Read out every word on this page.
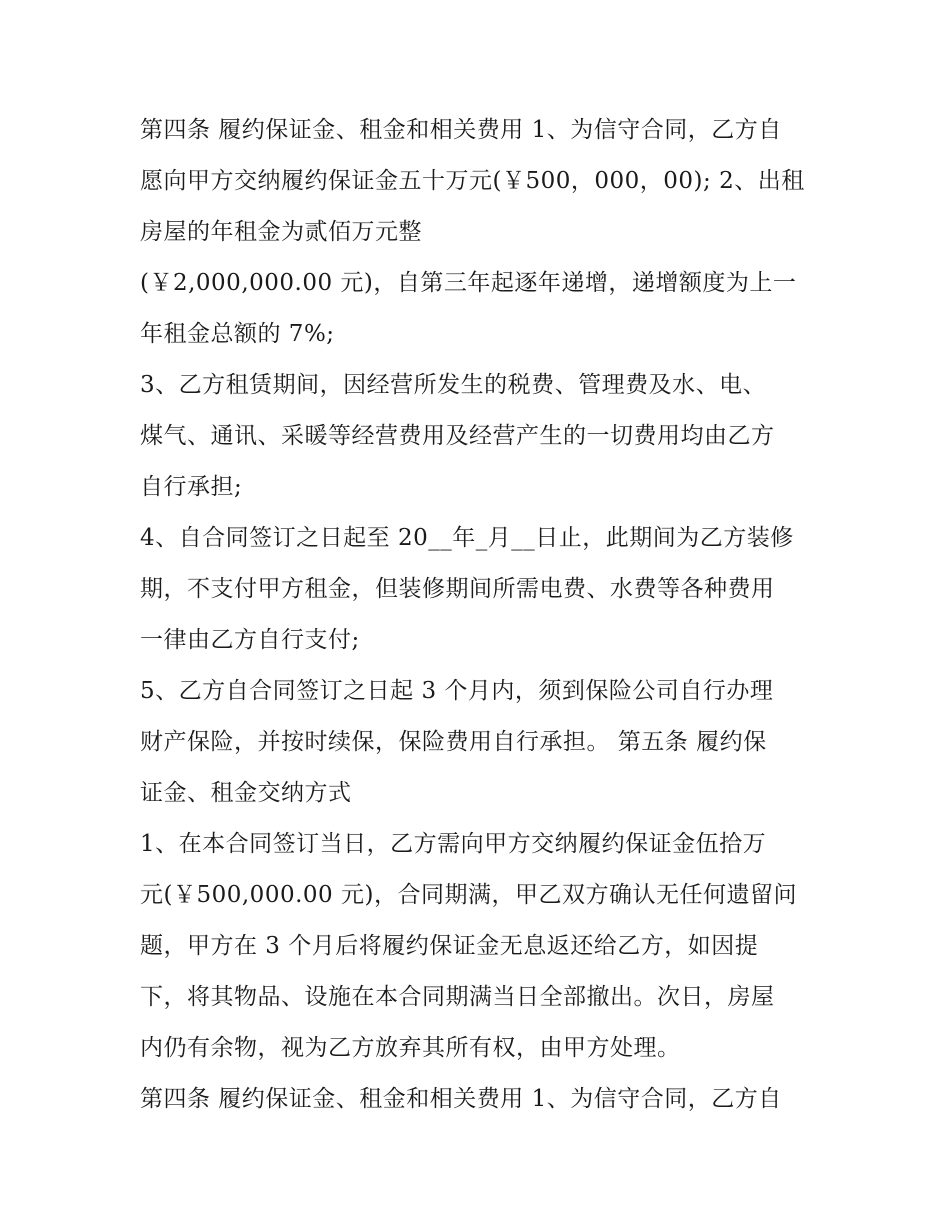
第四条 履约保证金、租金和相关费用 1、为信守合同，乙方自
愿向甲方交纳履约保证金五十万元(￥500，000，00); 2、出租
房屋的年租金为贰佰万元整

(￥2,000,000.00 元)，自第三年起逐年递增，递增额度为上一
年租金总额的 7%;

3、乙方租赁期间，因经营所发生的税费、管理费及水、电、
煤气、通讯、采暖等经营费用及经营产生的一切费用均由乙方
自行承担;

4、自合同签订之日起至 20__年_月__日止，此期间为乙方装修
期，不支付甲方租金，但装修期间所需电费、水费等各种费用
一律由乙方自行支付;

5、乙方自合同签订之日起 3 个月内，须到保险公司自行办理
财产保险，并按时续保，保险费用自行承担。 第五条 履约保
证金、租金交纳方式

1、在本合同签订当日，乙方需向甲方交纳履约保证金伍拾万
元(￥500,000.00 元)，合同期满，甲乙双方确认无任何遗留问
题，甲方在 3 个月后将履约保证金无息返还给乙方，如因提
下，将其物品、设施在本合同期满当日全部撤出。次日，房屋
内仍有余物，视为乙方放弃其所有权，由甲方处理。

第四条 履约保证金、租金和相关费用 1、为信守合同，乙方自
